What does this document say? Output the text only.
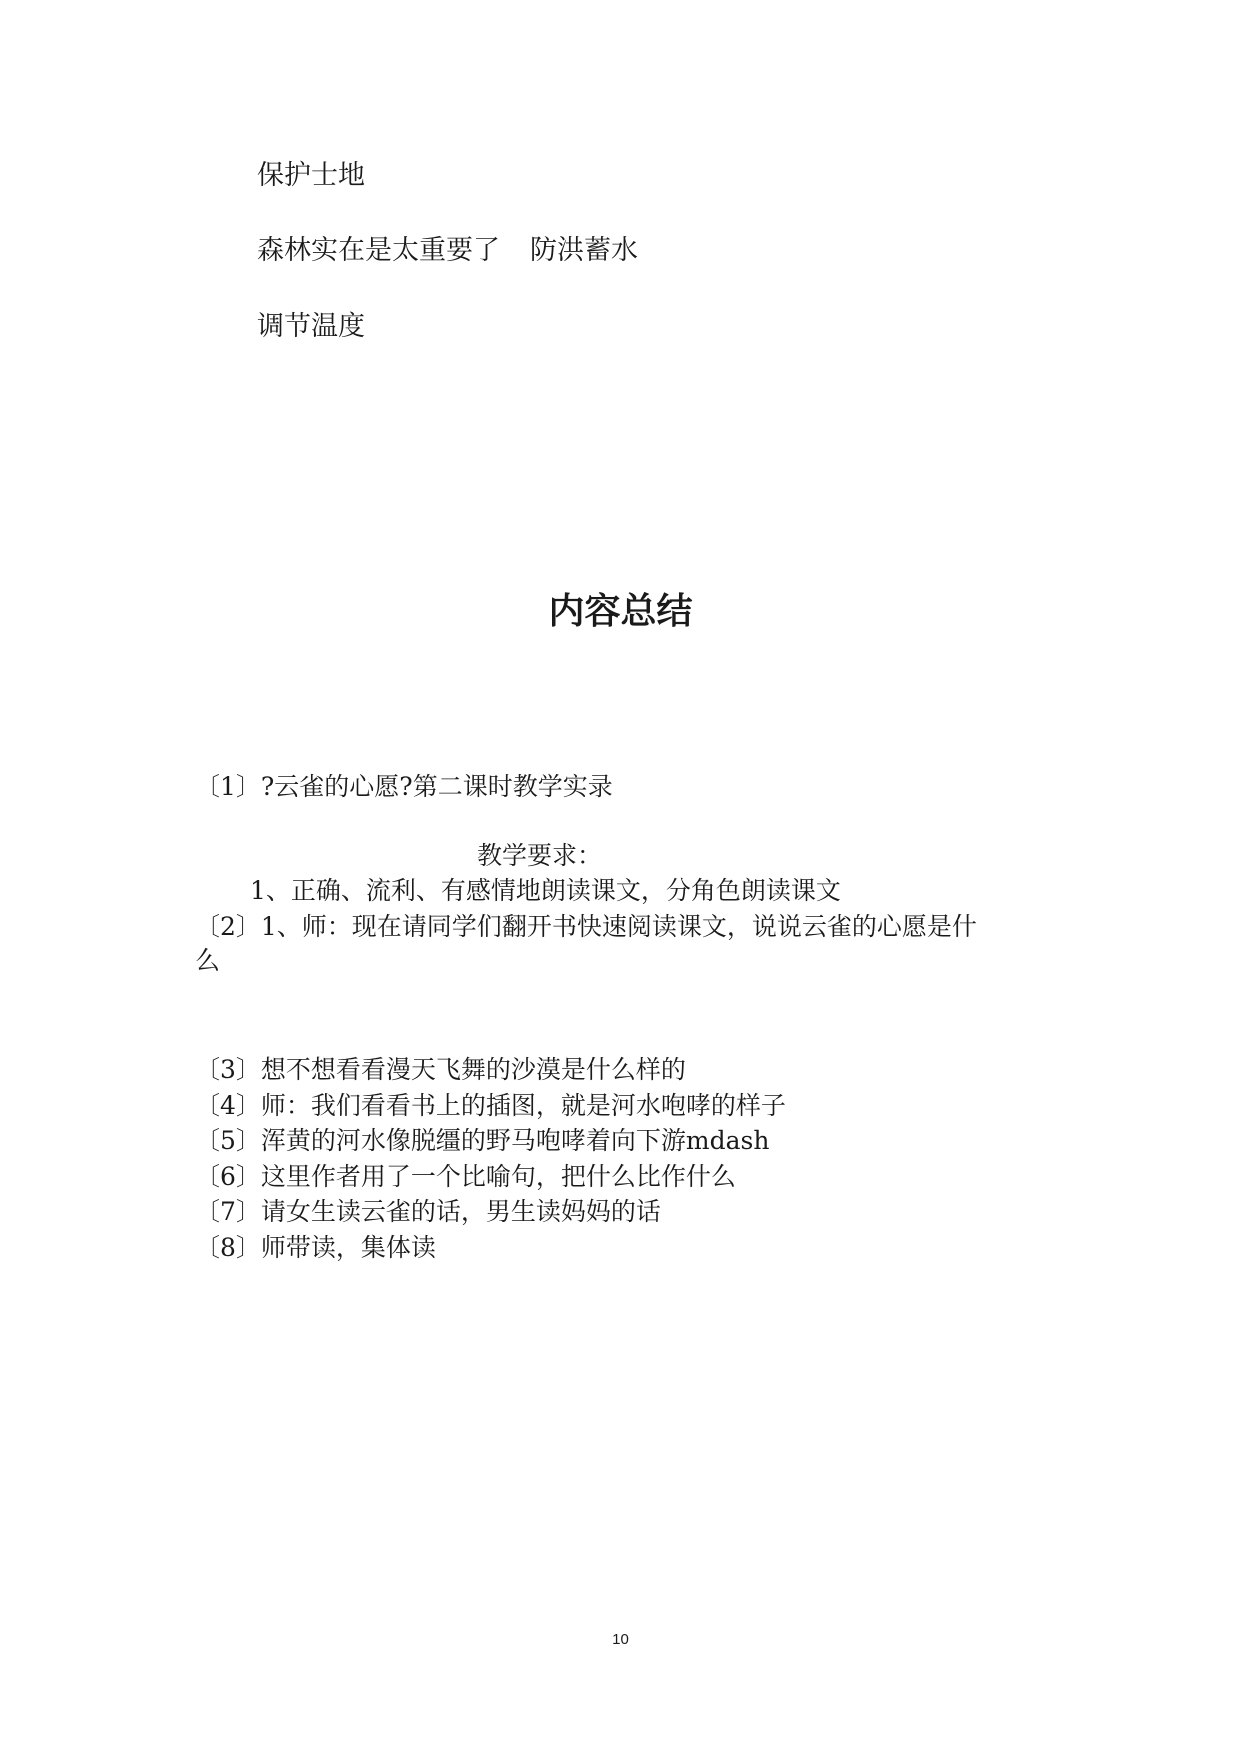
保护士地
森林实在是太重要了 防洪蓄水
调节温度
内容总结
〔1〕?云雀的心愿?第二课时教学实录
教学要求：
1、正确、流利、有感情地朗读课文，分角色朗读课文
〔2〕1、师：现在请同学们翻开书快速阅读课文，说说云雀的心愿是什
么
〔3〕想不想看看漫天飞舞的沙漠是什么样的
〔4〕师：我们看看书上的插图，就是河水咆哮的样子
〔5〕浑黄的河水像脱缰的野马咆哮着向下游mdash
〔6〕这里作者用了一个比喻句，把什么比作什么
〔7〕请女生读云雀的话，男生读妈妈的话
〔8〕师带读，集体读
10
